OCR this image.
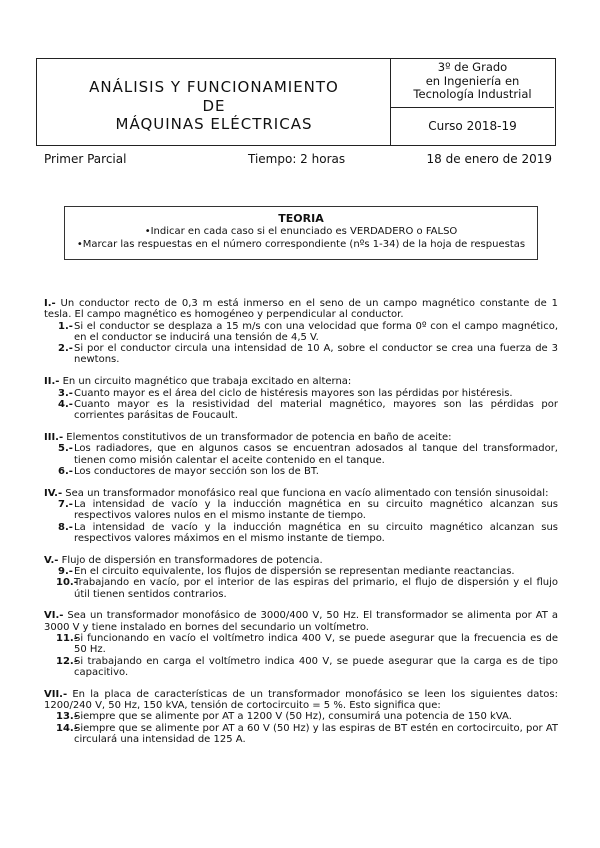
ANÁLISIS Y FUNCIONAMIENTO
DE
MÁQUINAS ELÉCTRICAS
3º de Grado
en Ingeniería en
Tecnología Industrial
Curso 2018-19
Primer Parcial	Tiempo: 2 horas	18 de enero de 2019
TEORIA
•Indicar en cada caso si el enunciado es VERDADERO o FALSO
•Marcar las respuestas en el número correspondiente (nºs 1-34) de la hoja de respuestas
I.- Un conductor recto de 0,3 m está inmerso en el seno de un campo magnético constante de 1 tesla. El campo magnético es homogéneo y perpendicular al conductor.
1.- Si el conductor se desplaza a 15 m/s con una velocidad que forma 0º con el campo magnético, en el conductor se inducirá una tensión de 4,5 V.
2.- Si por el conductor circula una intensidad de 10 A, sobre el conductor se crea una fuerza de 3 newtons.
II.- En un circuito magnético que trabaja excitado en alterna:
3.- Cuanto mayor es el área del ciclo de histéresis mayores son las pérdidas por histéresis.
4.- Cuanto mayor es la resistividad del material magnético, mayores son las pérdidas por corrientes parásitas de Foucault.
III.- Elementos constitutivos de un transformador de potencia en baño de aceite:
5.- Los radiadores, que en algunos casos se encuentran adosados al tanque del transformador, tienen como misión calentar el aceite contenido en el tanque.
6.- Los conductores de mayor sección son los de BT.
IV.- Sea un transformador monofásico real que funciona en vacío alimentado con tensión sinusoidal:
7.- La intensidad de vacío y la inducción magnética en su circuito magnético alcanzan sus respectivos valores nulos en el mismo instante de tiempo.
8.- La intensidad de vacío y la inducción magnética en su circuito magnético alcanzan sus respectivos valores máximos en el mismo instante de tiempo.
V.- Flujo de dispersión en transformadores de potencia.
9.- En el circuito equivalente, los flujos de dispersión se representan mediante reactancias.
10.-
Trabajando en vacío, por el interior de las espiras del primario, el flujo de dispersión y el flujo útil tienen sentidos contrarios.
VI.- Sea un transformador monofásico de 3000/400 V, 50 Hz. El transformador se alimenta por AT a 3000 V y tiene instalado en bornes del secundario un voltímetro.
11.-
Si funcionando en vacío el voltímetro indica 400 V, se puede asegurar que la frecuencia es de 50 Hz.
12.-
Si trabajando en carga el voltímetro indica 400 V, se puede asegurar que la carga es de tipo capacitivo.
VII.- En la placa de características de un transformador monofásico se leen los siguientes datos: 1200/240 V, 50 Hz, 150 kVA, tensión de cortocircuito = 5 %. Esto significa que:
13.-
Siempre que se alimente por AT a 1200 V (50 Hz), consumirá una potencia de 150 kVA.
14.-
Siempre que se alimente por AT a 60 V (50 Hz) y las espiras de BT estén en cortocircuito, por AT circulará una intensidad de 125 A.
